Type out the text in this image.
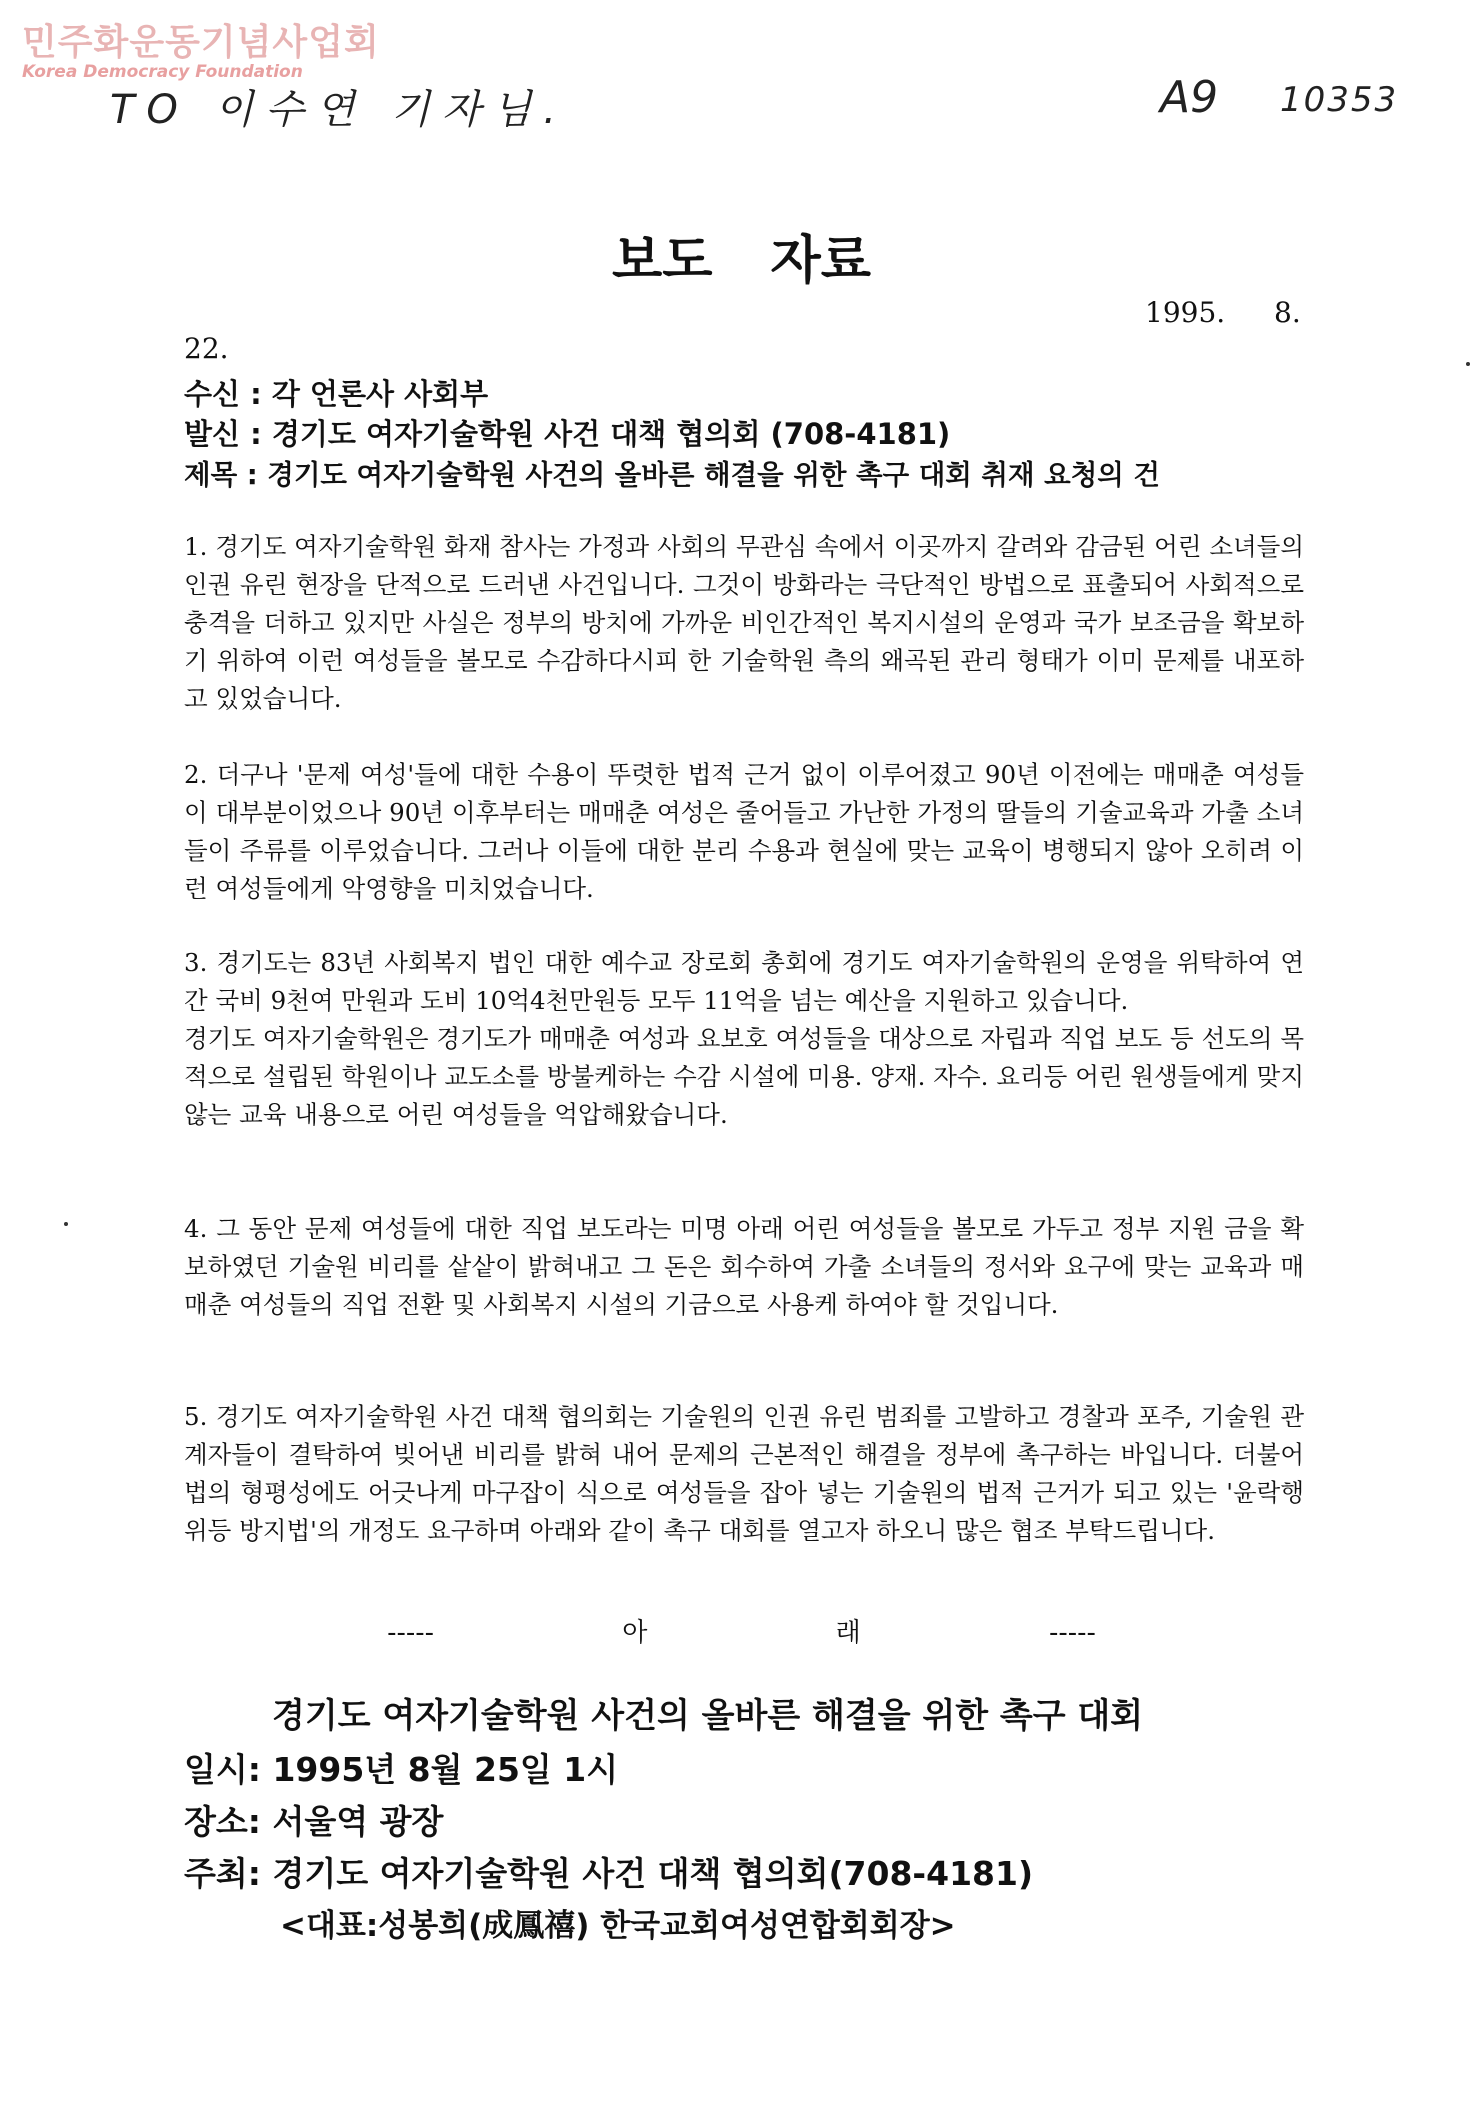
민주화운동기념사업회
Korea Democracy Foundation
TO 이수연 기자님.	A9 10353
보도 자료
1995. 8.
22.
수신 : 각 언론사 사회부
발신 : 경기도 여자기술학원 사건 대책 협의회 (708-4181)
제목 : 경기도 여자기술학원 사건의 올바른 해결을 위한 촉구 대회 취재 요청의 건
1. 경기도 여자기술학원 화재 참사는 가정과 사회의 무관심 속에서 이곳까지 갈려와 감금된 어린 소녀들의 인권 유린 현장을 단적으로 드러낸 사건입니다. 그것이 방화라는 극단적인 방법으로 표출되어 사회적으로 충격을 더하고 있지만 사실은 정부의 방치에 가까운 비인간적인 복지시설의 운영과 국가 보조금을 확보하기 위하여 이런 여성들을 볼모로 수감하다시피 한 기술학원 측의 왜곡된 관리 형태가 이미 문제를 내포하고 있었습니다.
2. 더구나 '문제 여성'들에 대한 수용이 뚜렷한 법적 근거 없이 이루어졌고 90년 이전에는 매매춘 여성들이 대부분이었으나 90년 이후부터는 매매춘 여성은 줄어들고 가난한 가정의 딸들의 기술교육과 가출 소녀들이 주류를 이루었습니다. 그러나 이들에 대한 분리 수용과 현실에 맞는 교육이 병행되지 않아 오히려 이런 여성들에게 악영향을 미치었습니다.
3. 경기도는 83년 사회복지 법인 대한 예수교 장로회 총회에 경기도 여자기술학원의 운영을 위탁하여 연간 국비 9천여 만원과 도비 10억4천만원등 모두 11억을 넘는 예산을 지원하고 있습니다.
경기도 여자기술학원은 경기도가 매매춘 여성과 요보호 여성들을 대상으로 자립과 직업 보도 등 선도의 목적으로 설립된 학원이나 교도소를 방불케하는 수감 시설에 미용. 양재. 자수. 요리등 어린 원생들에게 맞지 않는 교육 내용으로 어린 여성들을 억압해왔습니다.
4. 그 동안 문제 여성들에 대한 직업 보도라는 미명 아래 어린 여성들을 볼모로 가두고 정부 지원 금을 확보하였던 기술원 비리를 샅샅이 밝혀내고 그 돈은 회수하여 가출 소녀들의 정서와 요구에 맞는 교육과 매매춘 여성들의 직업 전환 및 사회복지 시설의 기금으로 사용케 하여야 할 것입니다.
5. 경기도 여자기술학원 사건 대책 협의회는 기술원의 인권 유린 범죄를 고발하고 경찰과 포주, 기술원 관계자들이 결탁하여 빚어낸 비리를 밝혀 내어 문제의 근본적인 해결을 정부에 촉구하는 바입니다. 더불어 법의 형평성에도 어긋나게 마구잡이 식으로 여성들을 잡아 넣는 기술원의 법적 근거가 되고 있는 '윤락행위등 방지법'의 개정도 요구하며 아래와 같이 촉구 대회를 열고자 하오니 많은 협조 부탁드립니다.
----- 아 래 -----
경기도 여자기술학원 사건의 올바른 해결을 위한 촉구 대회
일시: 1995년 8월 25일 1시
장소: 서울역 광장
주최: 경기도 여자기술학원 사건 대책 협의회(708-4181)
<대표:성봉희(成鳳禧) 한국교회여성연합회회장>
